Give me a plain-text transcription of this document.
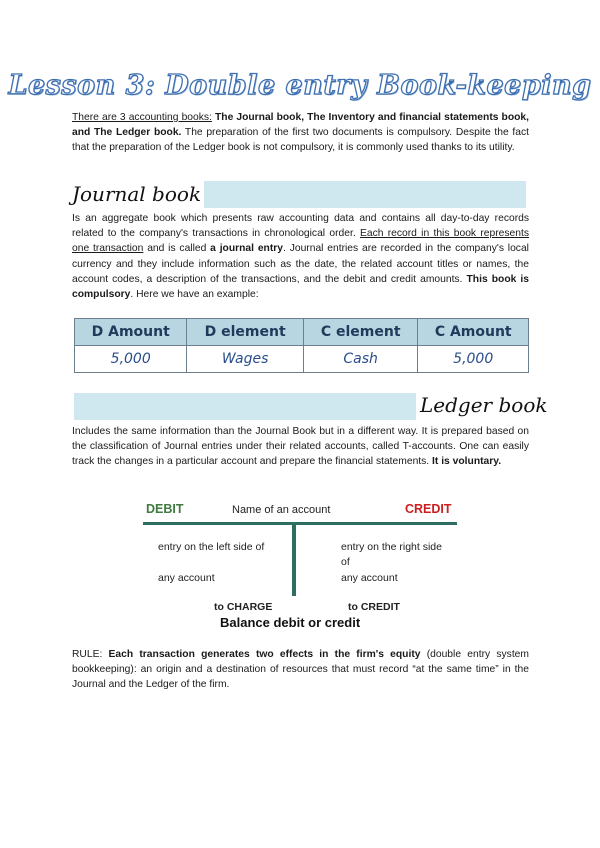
Lesson 3: Double entry Book-keeping
There are 3 accounting books: The Journal book, The Inventory and financial statements book, and The Ledger book. The preparation of the first two documents is compulsory. Despite the fact that the preparation of the Ledger book is not compulsory, it is commonly used thanks to its utility.
Journal book
Is an aggregate book which presents raw accounting data and contains all day-to-day records related to the company's transactions in chronological order. Each record in this book represents one transaction and is called a journal entry. Journal entries are recorded in the company's local currency and they include information such as the date, the related account titles or names, the account codes, a description of the transactions, and the debit and credit amounts. This book is compulsory. Here we have an example:
D Amount	D element	C element	C Amount
5,000	Wages	Cash	5,000
Ledger book
Includes the same information than the Journal Book but in a different way. It is prepared based on the classification of Journal entries under their related accounts, called T-accounts. One can easily track the changes in a particular account and prepare the financial statements. It is voluntary.
DEBIT	Name of an account	CREDIT
entry on the left side of
any account
entry on the right side of
any account
to CHARGE	to CREDIT
Balance debit or credit
RULE: Each transaction generates two effects in the firm's equity (double entry system bookkeeping): an origin and a destination of resources that must record “at the same time” in the Journal and the Ledger of the firm.
